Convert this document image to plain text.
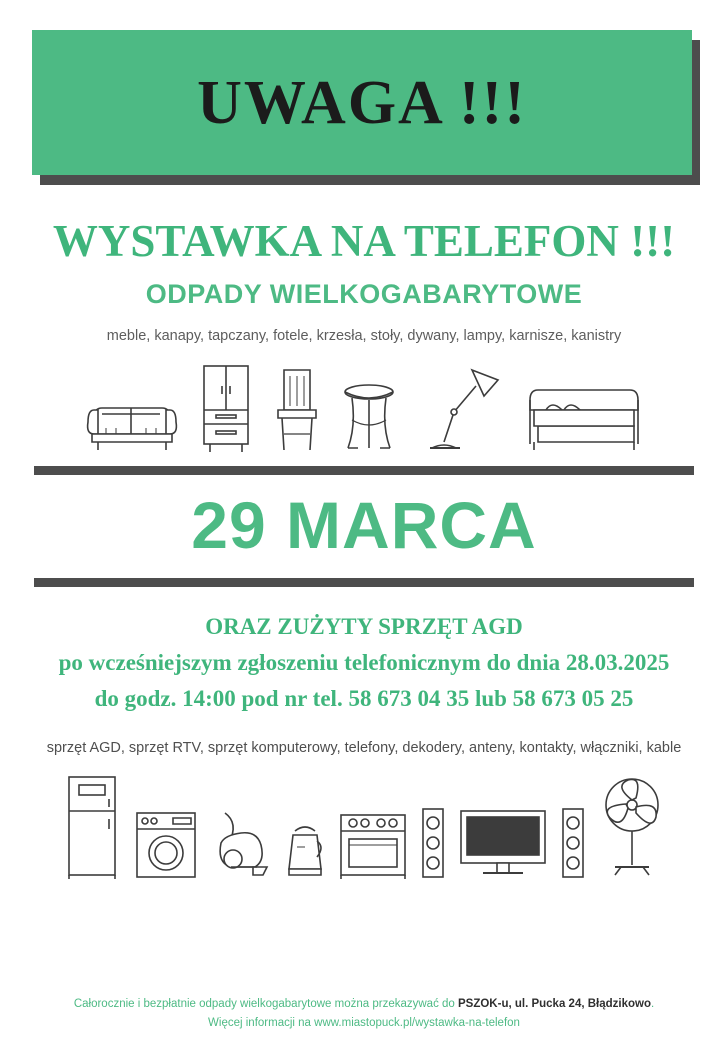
UWAGA !!!
WYSTAWKA NA TELEFON !!!
ODPADY WIELKOGABARYTOWE
meble, kanapy, tapczany, fotele, krzesła, stoły, dywany, lampy, karnisze, kanistry
29 MARCA
ORAZ ZUŻYTY SPRZĘT AGD
po wcześniejszym zgłoszeniu telefonicznym do dnia 28.03.2025
do godz. 14:00 pod nr tel. 58 673 04 35 lub 58 673 05 25
sprzęt AGD, sprzęt RTV, sprzęt komputerowy, telefony, dekodery, anteny, kontakty, włączniki, kable
Całorocznie i bezpłatnie odpady wielkogabarytowe można przekazywać do PSZOK-u, ul. Pucka 24, Błądzikowo.
Więcej informacji na www.miastopuck.pl/wystawka-na-telefon
